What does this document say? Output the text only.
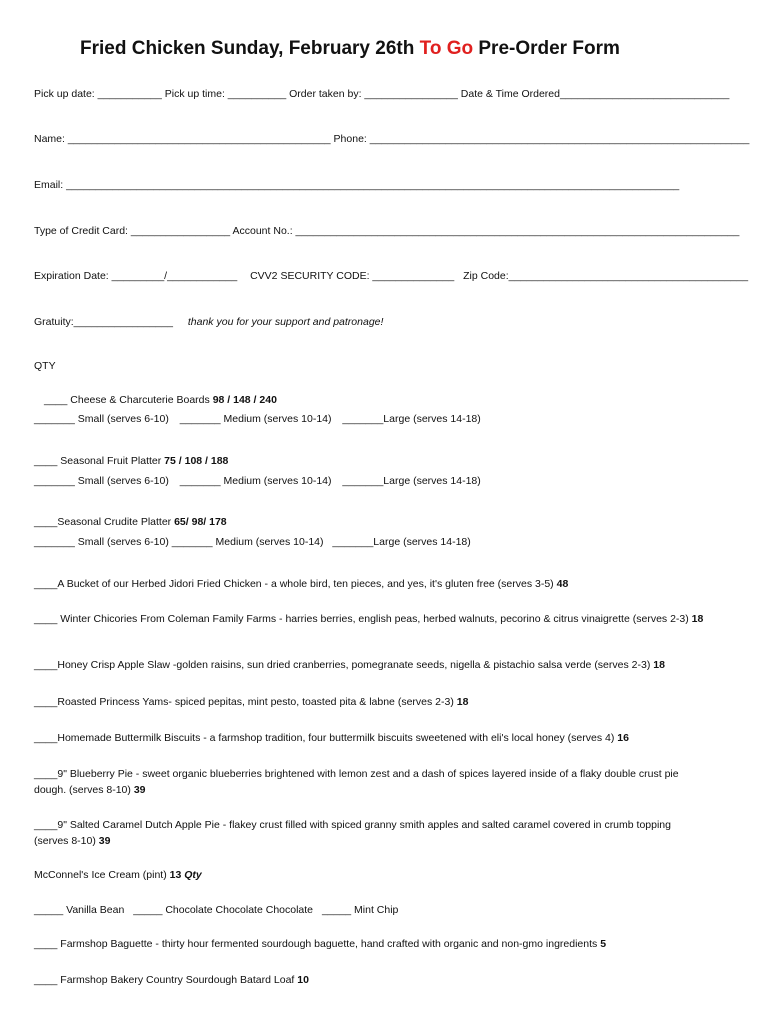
Fried Chicken Sunday, February 26th To Go Pre-Order Form
Pick up date: ___________ Pick up time: __________ Order taken by: ________________ Date & Time Ordered_____________________________
Name: _____________________________________________ Phone: _________________________________________________________________
Email: _________________________________________________________________________________________________________
Type of Credit Card: _________________ Account No.: ____________________________________________________________________________
Expiration Date: _________/____________ CVV2 SECURITY CODE: ______________ Zip Code:_________________________________________
Gratuity:_________________ thank you for your support and patronage!
QTY
____ Cheese & Charcuterie Boards 98 / 148 / 240
_______ Small (serves 6-10) _______ Medium (serves 10-14) _______Large (serves 14-18)
____ Seasonal Fruit Platter 75 / 108 / 188
_______ Small (serves 6-10) _______ Medium (serves 10-14) _______Large (serves 14-18)
____Seasonal Crudite Platter 65/ 98/ 178
_______ Small (serves 6-10) _______ Medium (serves 10-14) _______Large (serves 14-18)
____A Bucket of our Herbed Jidori Fried Chicken - a whole bird, ten pieces, and yes, it's gluten free (serves 3-5) 48
____ Winter Chicories From Coleman Family Farms - harries berries, english peas, herbed walnuts, pecorino & citrus vinaigrette (serves 2-3) 18
____Honey Crisp Apple Slaw -golden raisins, sun dried cranberries, pomegranate seeds, nigella & pistachio salsa verde (serves 2-3) 18
____Roasted Princess Yams- spiced pepitas, mint pesto, toasted pita & labne (serves 2-3) 18
____Homemade Buttermilk Biscuits - a farmshop tradition, four buttermilk biscuits sweetened with eli's local honey (serves 4) 16
____9" Blueberry Pie - sweet organic blueberries brightened with lemon zest and a dash of spices layered inside of a flaky double crust pie dough. (serves 8-10) 39
____9" Salted Caramel Dutch Apple Pie - flakey crust filled with spiced granny smith apples and salted caramel covered in crumb topping (serves 8-10) 39
McConnel's Ice Cream (pint) 13 Qty
_____ Vanilla Bean _____ Chocolate Chocolate Chocolate _____ Mint Chip
____ Farmshop Baguette - thirty hour fermented sourdough baguette, hand crafted with organic and non-gmo ingredients 5
____ Farmshop Bakery Country Sourdough Batard Loaf 10
